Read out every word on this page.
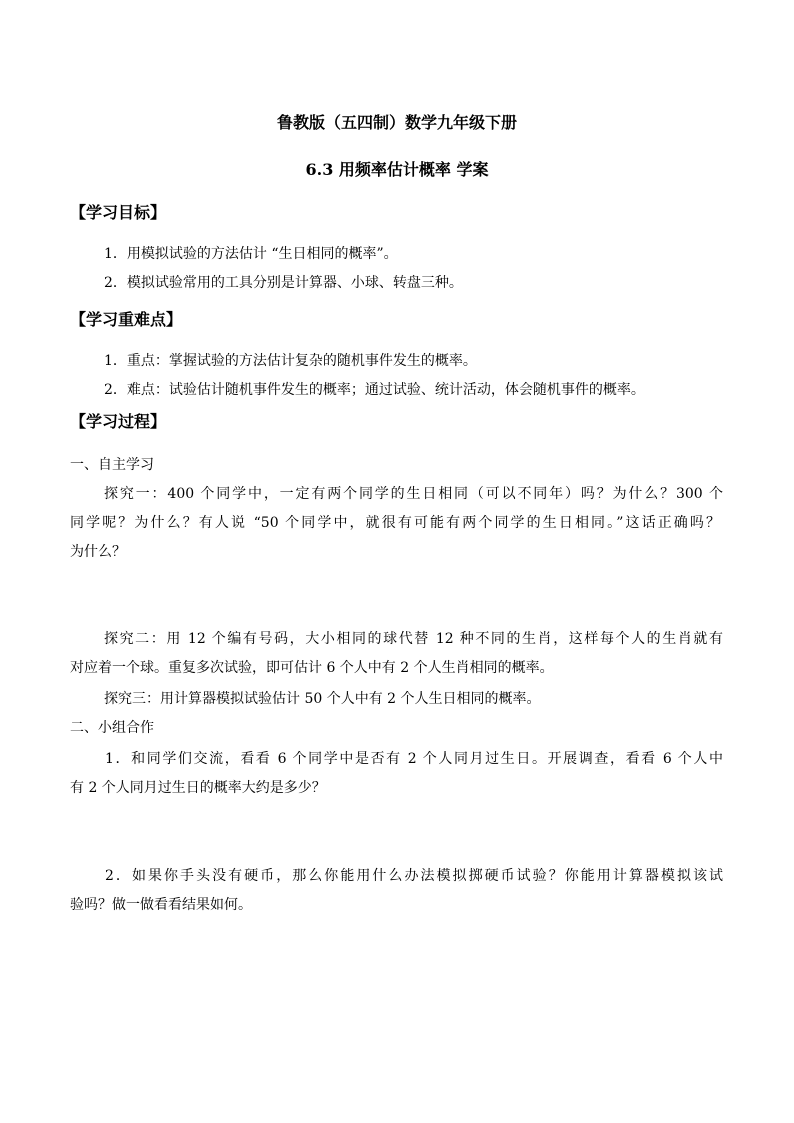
鲁教版（五四制）数学九年级下册
6.3 用频率估计概率 学案
【学习目标】
1．用模拟试验的方法估计 “生日相同的概率”。
2．模拟试验常用的工具分别是计算器、小球、转盘三种。
【学习重难点】
1．重点：掌握试验的方法估计复杂的随机事件发生的概率。
2．难点：试验估计随机事件发生的概率；通过试验、统计活动，体会随机事件的概率。
【学习过程】
一、自主学习
探究一：400 个同学中，一定有两个同学的生日相同（可以不同年）吗？为什么？300 个
同学呢？为什么？有人说 “50 个同学中，就很有可能有两个同学的生日相同。”这话正确吗？
为什么？
探究二：用 12 个编有号码，大小相同的球代替 12 种不同的生肖，这样每个人的生肖就有
对应着一个球。重复多次试验，即可估计 6 个人中有 2 个人生肖相同的概率。
探究三：用计算器模拟试验估计 50 个人中有 2 个人生日相同的概率。
二、小组合作
1．和同学们交流，看看 6 个同学中是否有 2 个人同月过生日。开展调查，看看 6 个人中
有 2 个人同月过生日的概率大约是多少？
2．如果你手头没有硬币，那么你能用什么办法模拟掷硬币试验？你能用计算器模拟该试
验吗？做一做看看结果如何。
